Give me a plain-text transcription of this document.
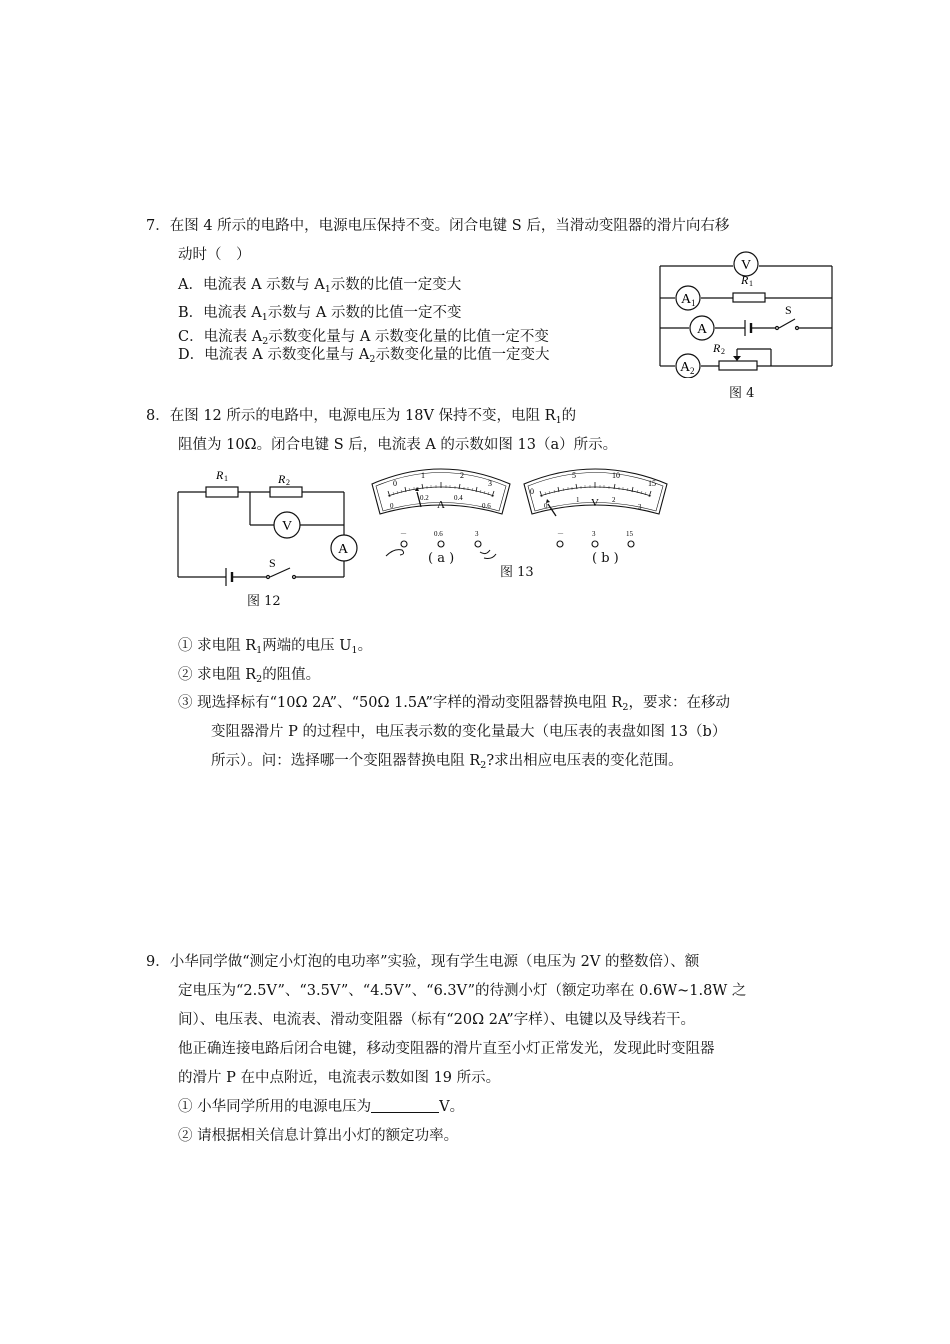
7．在图 4 所示的电路中，电源电压保持不变。闭合电键 S 后，当滑动变阻器的滑片向右移
动时（　）
A．电流表 A 示数与 $A_1$示数的比值一定变大
B．电流表 $A_1$示数与 A 示数的比值一定不变
C．电流表 $A_2$示数变化量与 A 示数变化量的比值一定不变
D．电流表 A 示数变化量与 $A_2$示数变化量的比值一定变大
V
A 1
R 1
A
S
R 2
A 2
图 4
8．在图 12 所示的电路中，电源电压为 18V 保持不变，电阻 $R_1$的
阻值为 10Ω。闭合电键 S 后，电流表 A 的示数如图 13（a）所示。
R 1	R 2
V
A
S
图 12
0
1	2
3
0
0.2	0.4
0.6
A
－	0.6	3
( a )
0
5	10
15
0
1	2
3
V
－	3	15
( b )
图 13
① 求电阻 $R_1$两端的电压 $U_1$。
② 求电阻 $R_2$的阻值。
③ 现选择标有“10Ω 2A”、“50Ω 1.5A”字样的滑动变阻器替换电阻 $R_2$，要求：在移动
变阻器滑片 P 的过程中，电压表示数的变化量最大（电压表的表盘如图 13（b）
所示）。问：选择哪一个变阻器替换电阻 $R_2$?求出相应电压表的变化范围。
9．小华同学做“测定小灯泡的电功率”实验，现有学生电源（电压为 2V 的整数倍）、额
定电压为“2.5V”、“3.5V”、“4.5V”、“6.3V”的待测小灯（额定功率在 0.6W~1.8W 之
间）、电压表、电流表、滑动变阻器（标有“20Ω 2A”字样）、电键以及导线若干。
他正确连接电路后闭合电键，移动变阻器的滑片直至小灯正常发光，发现此时变阻器
的滑片 P 在中点附近，电流表示数如图 19 所示。
① 小华同学所用的电源电压为	V。
② 请根据相关信息计算出小灯的额定功率。
